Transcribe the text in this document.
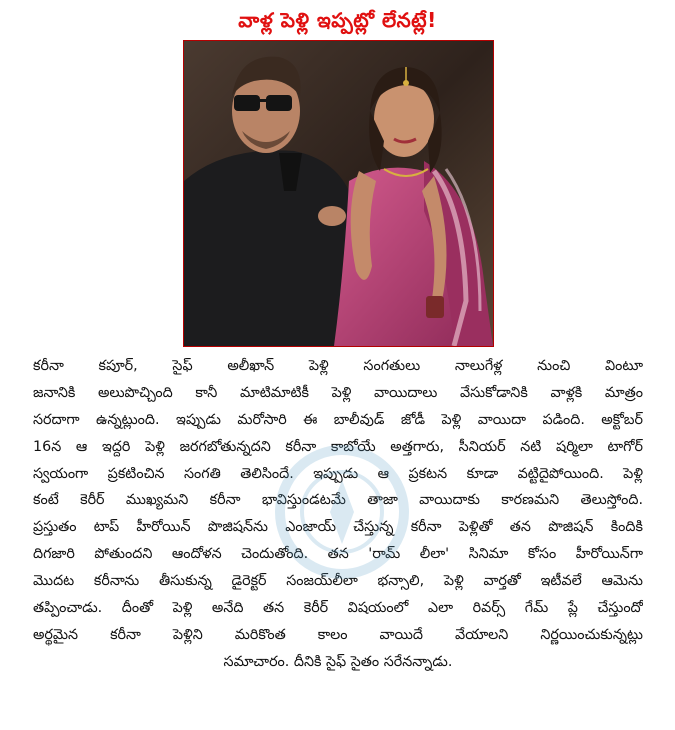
వాళ్ల పెళ్లి ఇప్పట్లో లేనట్లే!
కరీనా కపూర్, సైఫ్ అలీఖాన్ పెళ్లి సంగతులు నాలుగేళ్ల నుంచి వింటూ
జనానికి అలుపొచ్చింది కానీ మాటిమాటికీ పెళ్లి వాయిదాలు వేసుకోడానికి వాళ్లకి మాత్రం
సరదాగా ఉన్నట్లుంది. ఇప్పుడు మరోసారి ఈ బాలీవుడ్ జోడీ పెళ్లి వాయిదా పడింది. అక్టోబర్
16న ఆ ఇద్దరి పెళ్లి జరగబోతున్నదని కరీనా కాబోయే అత్తగారు, సీనియర్ నటి షర్మిలా టాగోర్
స్వయంగా ప్రకటించిన సంగతి తెలిసిందే. ఇప్పుడు ఆ ప్రకటన కూడా వట్టిదైపోయింది. పెళ్లి
కంటే కెరీర్ ముఖ్యమని కరీనా భావిస్తుండటమే తాజా వాయిదాకు కారణమని తెలుస్తోంది.
ప్రస్తుతం టాప్ హీరోయిన్ పొజిషన్‌ను ఎంజాయ్ చేస్తున్న కరీనా పెళ్లితో తన పొజిషన్ కిందికి
దిగజారి పోతుందని ఆందోళన చెందుతోంది. తన 'రామ్ లీలా' సినిమా కోసం హీరోయిన్‌గా
మొదట కరీనాను తీసుకున్న డైరెక్టర్ సంజయ్‌లీలా భన్సాలి, పెళ్లి వార్తతో ఇటీవలే ఆమెను
తప్పించాడు. దీంతో పెళ్లి అనేది తన కెరీర్ విషయంలో ఎలా రివర్స్ గేమ్ ప్లే చేస్తుందో
అర్థమైన కరీనా పెళ్లిని మరికొంత కాలం వాయిదే వేయాలని నిర్ణయించుకున్నట్లు
సమాచారం. దీనికి సైఫ్ సైతం సరేనన్నాడు.
